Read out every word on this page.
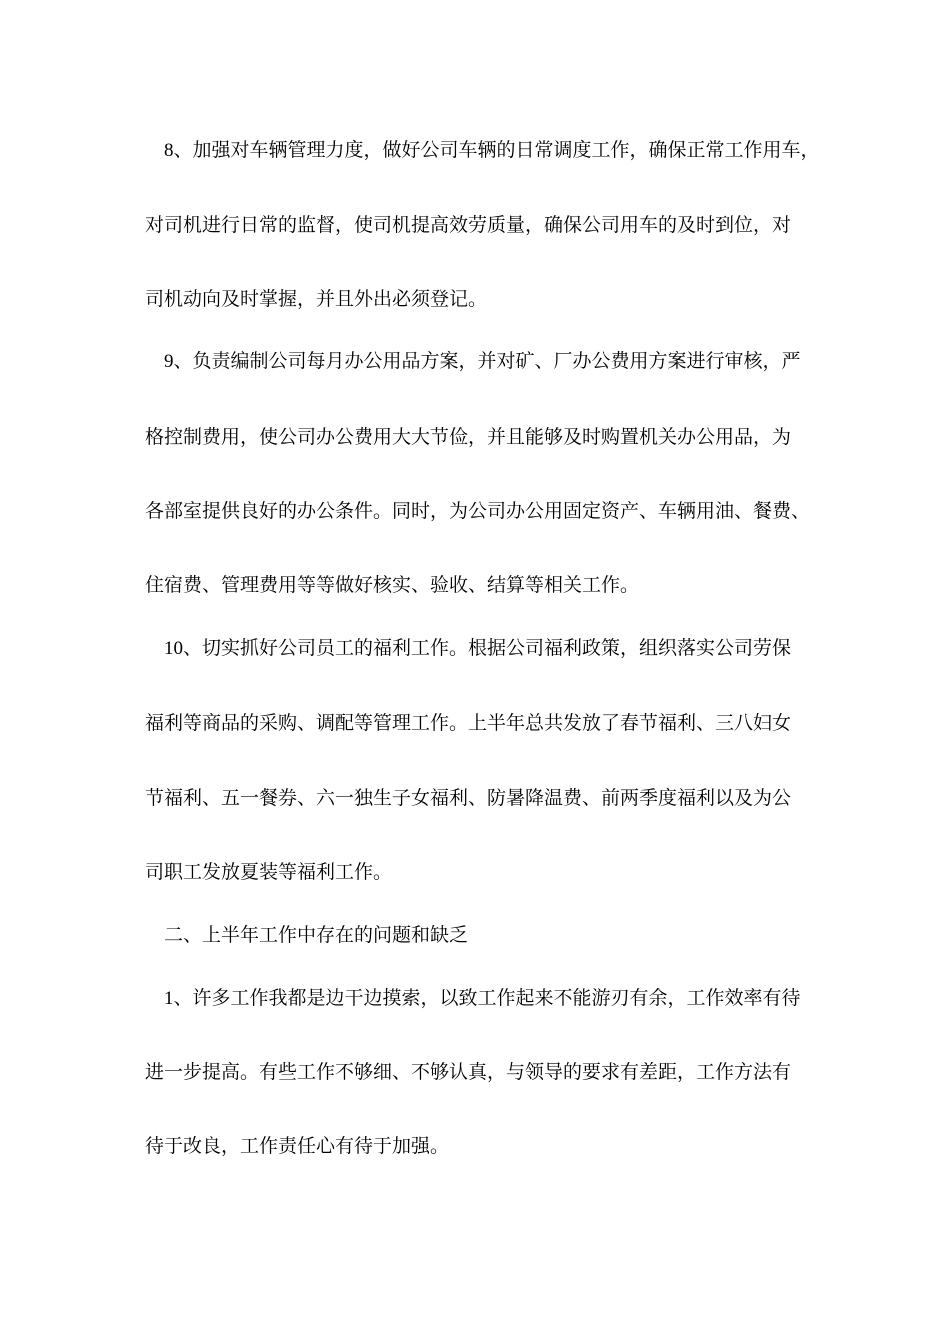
8、加强对车辆管理力度，做好公司车辆的日常调度工作，确保正常工作用车，
对司机进行日常的监督，使司机提高效劳质量，确保公司用车的及时到位，对
司机动向及时掌握，并且外出必须登记。
9、负责编制公司每月办公用品方案，并对矿、厂办公费用方案进行审核，严
格控制费用，使公司办公费用大大节俭，并且能够及时购置机关办公用品，为
各部室提供良好的办公条件。同时，为公司办公用固定资产、车辆用油、餐费、
住宿费、管理费用等等做好核实、验收、结算等相关工作。
10、切实抓好公司员工的福利工作。根据公司福利政策，组织落实公司劳保
福利等商品的采购、调配等管理工作。上半年总共发放了春节福利、三八妇女
节福利、五一餐券、六一独生子女福利、防暑降温费、前两季度福利以及为公
司职工发放夏装等福利工作。
二、上半年工作中存在的问题和缺乏
1、许多工作我都是边干边摸索，以致工作起来不能游刃有余，工作效率有待
进一步提高。有些工作不够细、不够认真，与领导的要求有差距，工作方法有
待于改良，工作责任心有待于加强。
